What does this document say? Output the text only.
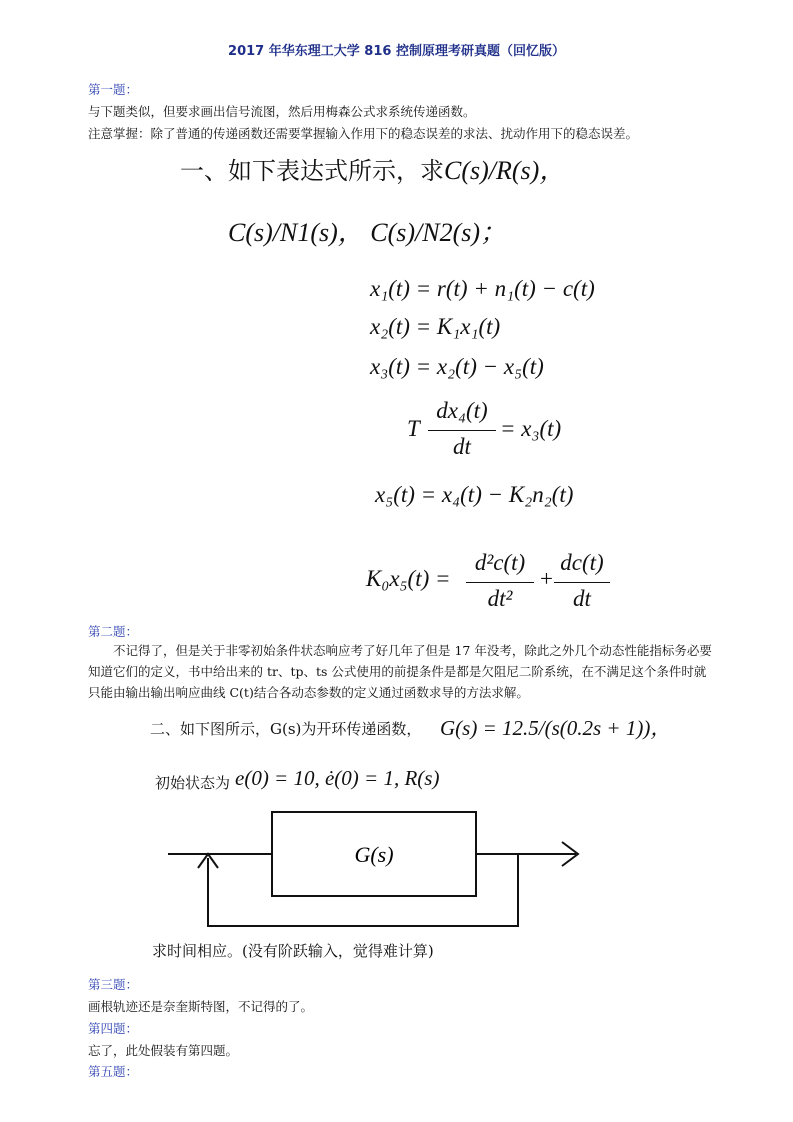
2017 年华东理工大学 816 控制原理考研真题（回忆版）
第一题：
与下题类似，但要求画出信号流图，然后用梅森公式求系统传递函数。
注意掌握：除了普通的传递函数还需要掌握输入作用下的稳态误差的求法、扰动作用下的稳态误差。
一、如下表达式所示，求C(s)/R(s)，
C(s)/N1(s)， C(s)/N2(s)；
x₁(t) = r(t) + n₁(t) − c(t)
x₂(t) = K₁x₁(t)
x₃(t) = x₂(t) − x₅(t)
T
dx₄(t)
dt
= x₃(t)
x₅(t) = x₄(t) − K₂n₂(t)
K₀x₅(t) =
d²c(t)
dt²
+
dc(t)
dt
第二题：
不记得了，但是关于非零初始条件状态响应考了好几年了但是 17 年没考，除此之外几个动态性能指标务必要知道它们的定义，书中给出来的 tr、tp、ts 公式使用的前提条件是都是欠阻尼二阶系统，在不满足这个条件时就只能由输出输出响应曲线 C(t)结合各动态参数的定义通过函数求导的方法求解。
二、如下图所示，G(s)为开环传递函数， G(s) = 12.5/(s(0.2s + 1))，
初始状态为 e(0) = 10, ė(0) = 1, R(s)
G(s)
求时间相应。(没有阶跃输入，觉得难计算)
第三题：
画根轨迹还是奈奎斯特图，不记得的了。
第四题：
忘了，此处假装有第四题。
第五题：
